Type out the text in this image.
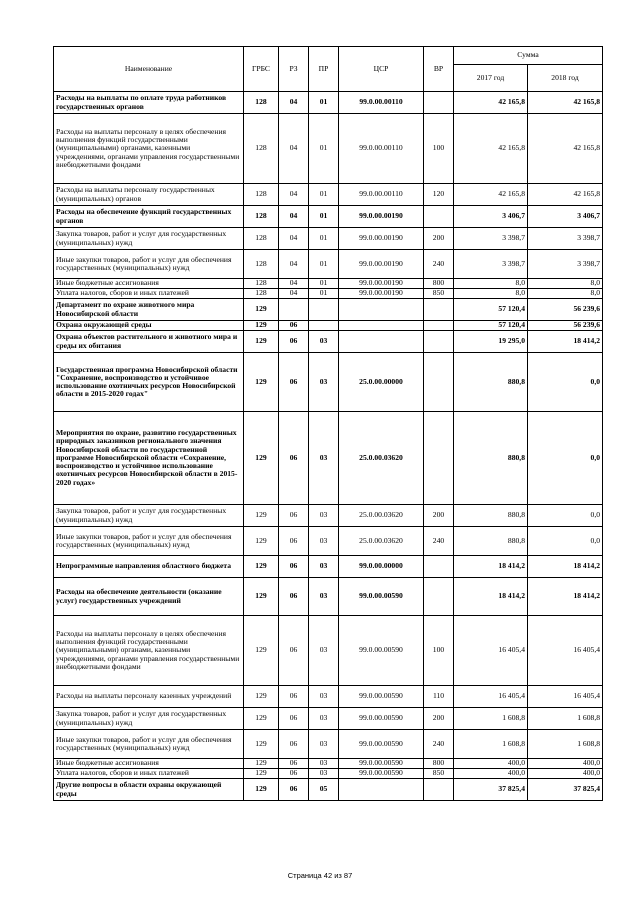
Наименование	ГРБС	РЗ	ПР	ЦСР	ВР	Сумма	
						2017 год	2018 год
Расходы на выплаты по оплате труда работников государственных органов	128	04	01	99.0.00.00110		42 165,8	42 165,8
Расходы на выплаты персоналу в целях обеспечения выполнения функций государственными (муниципальными) органами, казенными учреждениями, органами управления государственными внебюджетными фондами	128	04	01	99.0.00.00110	100	42 165,8	42 165,8
Расходы на выплаты персоналу государственных (муниципальных) органов	128	04	01	99.0.00.00110	120	42 165,8	42 165,8
Расходы на обеспечение функций государственных органов	128	04	01	99.0.00.00190		3 406,7	3 406,7
Закупка товаров, работ и услуг для государственных (муниципальных) нужд	128	04	01	99.0.00.00190	200	3 398,7	3 398,7
Иные закупки товаров, работ и услуг для обеспечения государственных (муниципальных) нужд	128	04	01	99.0.00.00190	240	3 398,7	3 398,7
Иные бюджетные ассигнования	128	04	01	99.0.00.00190	800	8,0	8,0
Уплата налогов, сборов и иных платежей	128	04	01	99.0.00.00190	850	8,0	8,0
Департамент по охране животного мира Новосибирской области	129					57 120,4	56 239,6
Охрана окружающей среды	129	06				57 120,4	56 239,6
Охрана объектов растительного и животного мира и среды их обитания	129	06	03			19 295,0	18 414,2
Государственная программа Новосибирской области "Сохранение, воспроизводство и устойчивое использование охотничьих ресурсов Новосибирской области в 2015-2020 годах"	129	06	03	25.0.00.00000		880,8	0,0
Мероприятия по охране, развитию государственных природных заказников регионального значения Новосибирской области по государственной программе Новосибирской области «Сохранение, воспроизводство и устойчивое использование охотничьих ресурсов Новосибирской области в 2015-2020 годах»	129	06	03	25.0.00.03620		880,8	0,0
Закупка товаров, работ и услуг для государственных (муниципальных) нужд	129	06	03	25.0.00.03620	200	880,8	0,0
Иные закупки товаров, работ и услуг для обеспечения государственных (муниципальных) нужд	129	06	03	25.0.00.03620	240	880,8	0,0
Непрограммные направления областного бюджета	129	06	03	99.0.00.00000		18 414,2	18 414,2
Расходы на обеспечение деятельности (оказание услуг) государственных учреждений	129	06	03	99.0.00.00590		18 414,2	18 414,2
Расходы на выплаты персоналу в целях обеспечения выполнения функций государственными (муниципальными) органами, казенными учреждениями, органами управления государственными внебюджетными фондами	129	06	03	99.0.00.00590	100	16 405,4	16 405,4
Расходы на выплаты персоналу казенных учреждений	129	06	03	99.0.00.00590	110	16 405,4	16 405,4
Закупка товаров, работ и услуг для государственных (муниципальных) нужд	129	06	03	99.0.00.00590	200	1 608,8	1 608,8
Иные закупки товаров, работ и услуг для обеспечения государственных (муниципальных) нужд	129	06	03	99.0.00.00590	240	1 608,8	1 608,8
Иные бюджетные ассигнования	129	06	03	99.0.00.00590	800	400,0	400,0
Уплата налогов, сборов и иных платежей	129	06	03	99.0.00.00590	850	400,0	400,0
Другие вопросы в области охраны окружающей среды	129	06	05			37 825,4	37 825,4
Страница 42 из 87
